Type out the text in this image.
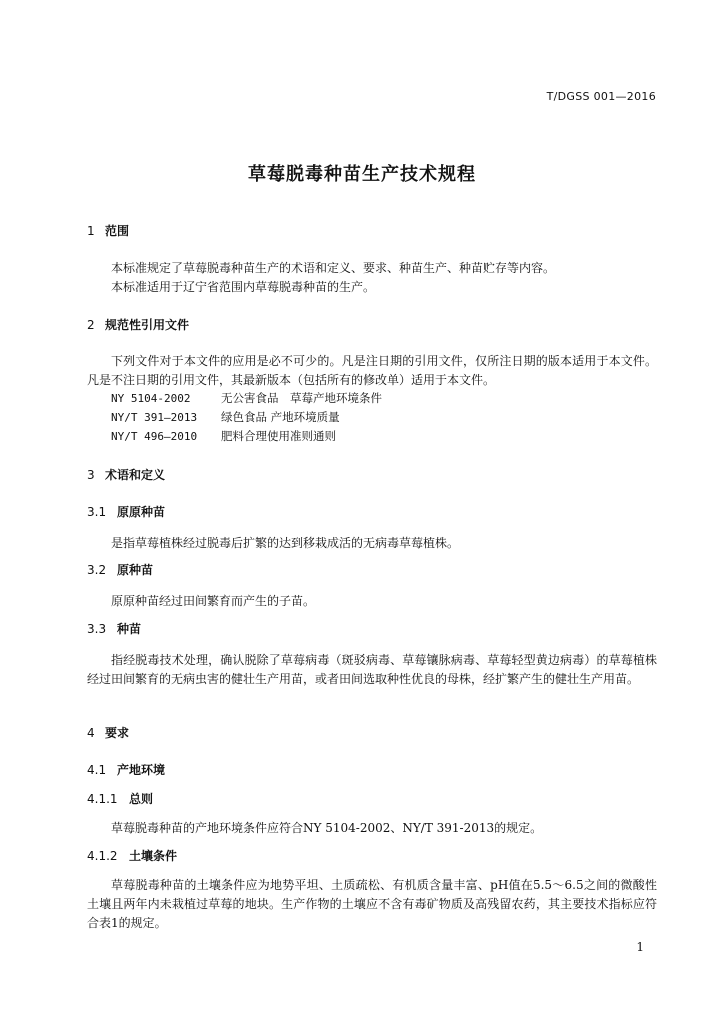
T/DGSS 001—2016
草莓脱毒种苗生产技术规程
1 范围
本标准规定了草莓脱毒种苗生产的术语和定义、要求、种苗生产、种苗贮存等内容。
本标准适用于辽宁省范围内草莓脱毒种苗的生产。
2 规范性引用文件
下列文件对于本文件的应用是必不可少的。凡是注日期的引用文件，仅所注日期的版本适用于本文件。凡是不注日期的引用文件，其最新版本（包括所有的修改单）适用于本文件。
NY 5104-2002	无公害食品　草莓产地环境条件
NY/T 391—2013 绿色食品 产地环境质量
NY/T 496—2010 肥料合理使用准则通则
3 术语和定义
3.1 原原种苗
是指草莓植株经过脱毒后扩繁的达到移栽成活的无病毒草莓植株。
3.2 原种苗
原原种苗经过田间繁育而产生的子苗。
3.3 种苗
指经脱毒技术处理，确认脱除了草莓病毒（斑驳病毒、草莓镶脉病毒、草莓轻型黄边病毒）的草莓植株经过田间繁育的无病虫害的健壮生产用苗，或者田间选取种性优良的母株，经扩繁产生的健壮生产用苗。
4 要求
4.1 产地环境
4.1.1 总则
草莓脱毒种苗的产地环境条件应符合NY 5104-2002、NY/T 391-2013的规定。
4.1.2 土壤条件
草莓脱毒种苗的土壤条件应为地势平坦、土质疏松、有机质含量丰富、pH值在5.5～6.5之间的微酸性土壤且两年内未栽植过草莓的地块。生产作物的土壤应不含有毒矿物质及高残留农药，其主要技术指标应符合表1的规定。
1
